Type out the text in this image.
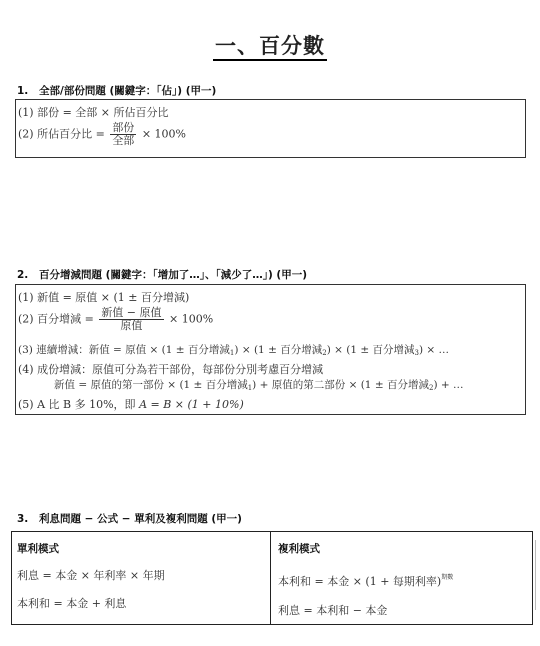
一、百分數
1. 全部/部份問題 (關鍵字：「佔」) (甲一)
(1) 部份 = 全部 × 所佔百分比
(2) 所佔百分比 = $\frac{\text{部份}}{\text{全部}} \times 100\%$
2. 百分增減問題 (關鍵字：「增加了…」、「減少了…」) (甲一)
(1) 新值 = 原值 × (1 ± 百分增減)
(2) 百分增減 = $\frac{\text{新值 − 原值}}{\text{原值}} \times 100\%$
(3) 連續增減：新值 = 原值 × (1 ± 百分增減$_1$) × (1 ± 百分增減$_2$) × (1 ± 百分增減$_3$) × …
(4) 成份增減：原值可分為若干部份，每部份分別考慮百分增減
新值 = 原值的第一部份 × (1 ± 百分增減$_1$) + 原值的第二部份 × (1 ± 百分增減$_2$) + …
(5) A 比 B 多 10%，即 A = B × (1 + 10%)
3. 利息問題 − 公式 − 單利及複利問題 (甲一)
單利模式
利息 = 本金 × 年利率 × 年期
本利和 = 本金 + 利息
複利模式
本利和 = 本金 × (1 + 每期利率)$^{期數}$
利息 = 本利和 − 本金
